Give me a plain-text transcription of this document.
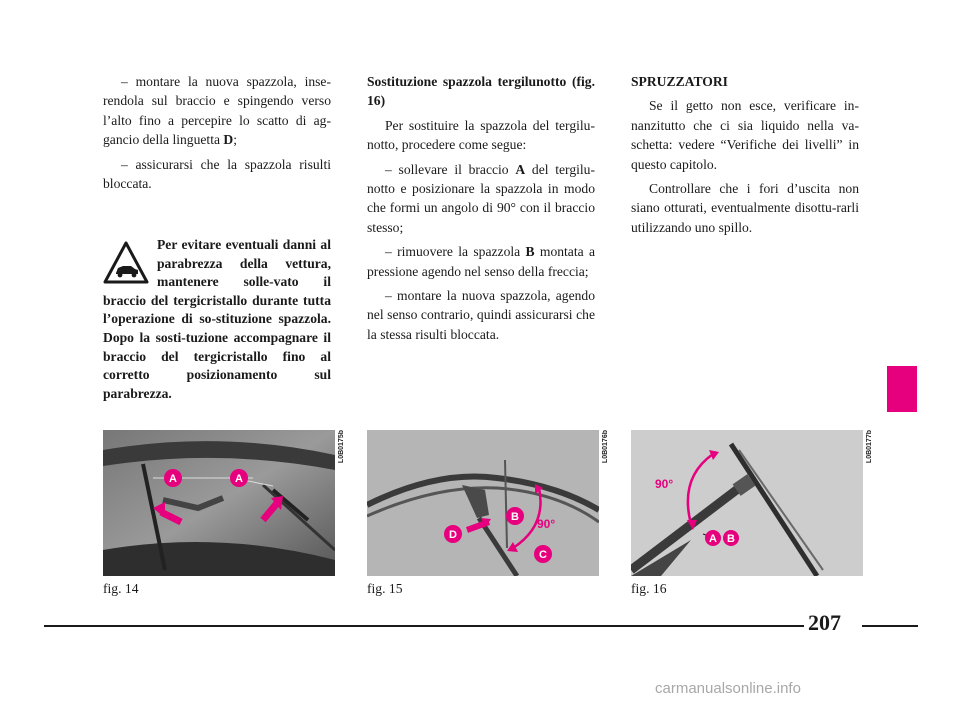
– montare la nuova spazzola, inse-rendola sul braccio e spingendo verso l’alto fino a percepire lo scatto di ag-gancio della linguetta D;

– assicurarsi che la spazzola risulti bloccata.

Per evitare eventuali danni al parabrezza della vettura, mantenere solle-vato il braccio del tergicristallo durante tutta l’operazione di so-stituzione spazzola. Dopo la sosti-tuzione accompagnare il braccio del tergicristallo fino al corretto posizionamento sul parabrezza.

Sostituzione spazzola tergilunotto (fig. 16)

Per sostituire la spazzola del tergilu-notto, procedere come segue:

– sollevare il braccio A del tergilu-notto e posizionare la spazzola in modo che formi un angolo di 90° con il braccio stesso;

– rimuovere la spazzola B montata a pressione agendo nel senso della freccia;

– montare la nuova spazzola, agendo nel senso contrario, quindi assicurarsi che la stessa risulti bloccata.

SPRUZZATORI

Se il getto non esce, verificare in-nanzitutto che ci sia liquido nella va-schetta: vedere “Verifiche dei livelli” in questo capitolo.

Controllare che i fori d’uscita non siano otturati, eventualmente disottu-rarli utilizzando uno spillo.

A	A
L0B0175b
fig. 14
B
D
C
90°
L0B0176b
fig. 15
A B
90°
L0B0177b
fig. 16
207
carmanualsonline.info
